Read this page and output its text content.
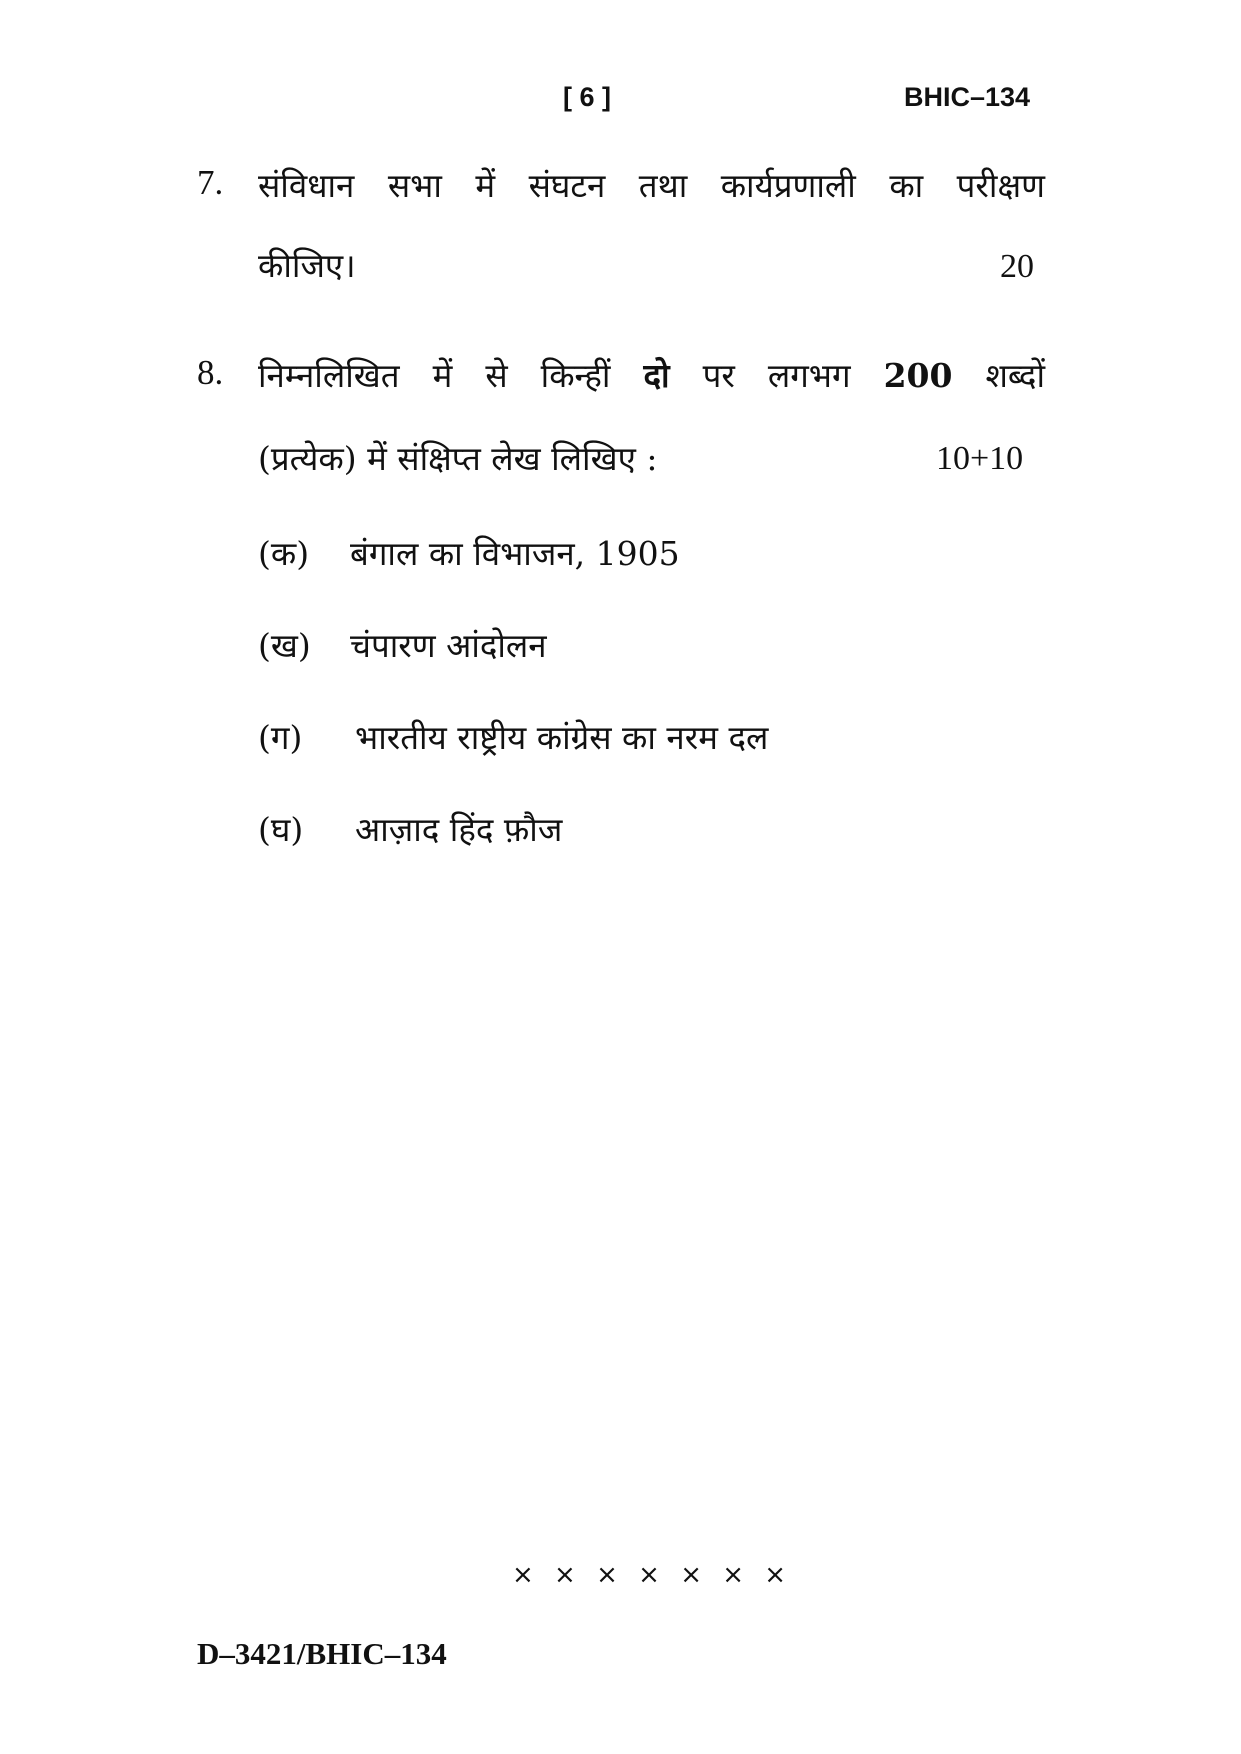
[ 6 ]	BHIC–134
7. संविधान सभा में संघटन तथा कार्यप्रणाली का परीक्षण
कीजिए।	20
8. निम्नलिखित में से किन्हीं दो पर लगभग 200 शब्दों
(प्रत्येक) में संक्षिप्त लेख लिखिए :	10+10
(क) बंगाल का विभाजन, 1905
(ख) चंपारण आंदोलन
(ग) भारतीय राष्ट्रीय कांग्रेस का नरम दल
(घ) आज़ाद हिंद फ़ौज
× × × × × × ×
D–3421/BHIC–134
